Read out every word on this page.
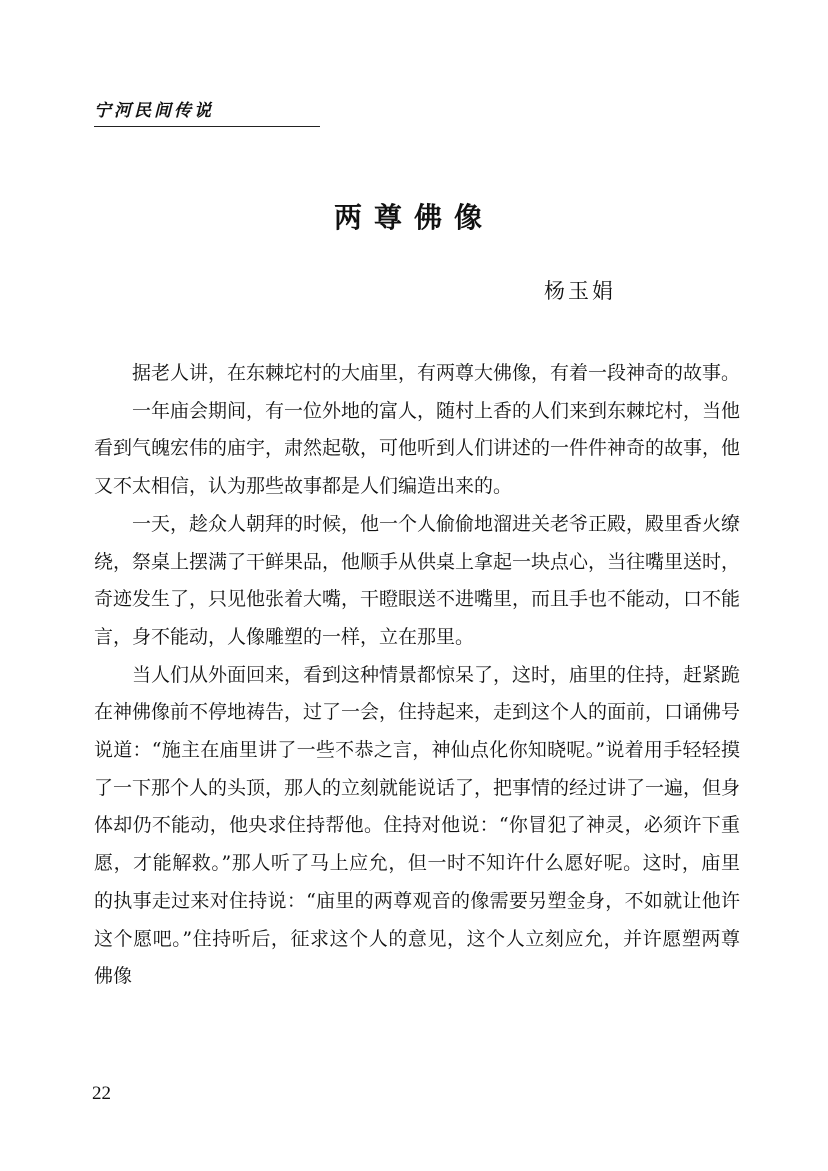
宁河民间传说
两尊佛像
杨玉娟

据老人讲，在东棘坨村的大庙里，有两尊大佛像，有着一段神奇的故事。

一年庙会期间，有一位外地的富人，随村上香的人们来到东棘坨村，当他看到气魄宏伟的庙宇，肃然起敬，可他听到人们讲述的一件件神奇的故事，他又不太相信，认为那些故事都是人们编造出来的。

一天，趁众人朝拜的时候，他一个人偷偷地溜进关老爷正殿，殿里香火缭绕，祭桌上摆满了干鲜果品，他顺手从供桌上拿起一块点心，当往嘴里送时，奇迹发生了，只见他张着大嘴，干瞪眼送不进嘴里，而且手也不能动，口不能言，身不能动，人像雕塑的一样，立在那里。

当人们从外面回来，看到这种情景都惊呆了，这时，庙里的住持，赶紧跪在神佛像前不停地祷告，过了一会，住持起来，走到这个人的面前，口诵佛号说道：“施主在庙里讲了一些不恭之言，神仙点化你知晓呢。”说着用手轻轻摸了一下那个人的头顶，那人的立刻就能说话了，把事情的经过讲了一遍，但身体却仍不能动，他央求住持帮他。住持对他说：“你冒犯了神灵，必须许下重愿，才能解救。”那人听了马上应允，但一时不知许什么愿好呢。这时，庙里的执事走过来对住持说：“庙里的两尊观音的像需要另塑金身，不如就让他许这个愿吧。”住持听后，征求这个人的意见，这个人立刻应允，并许愿塑两尊佛像

22
